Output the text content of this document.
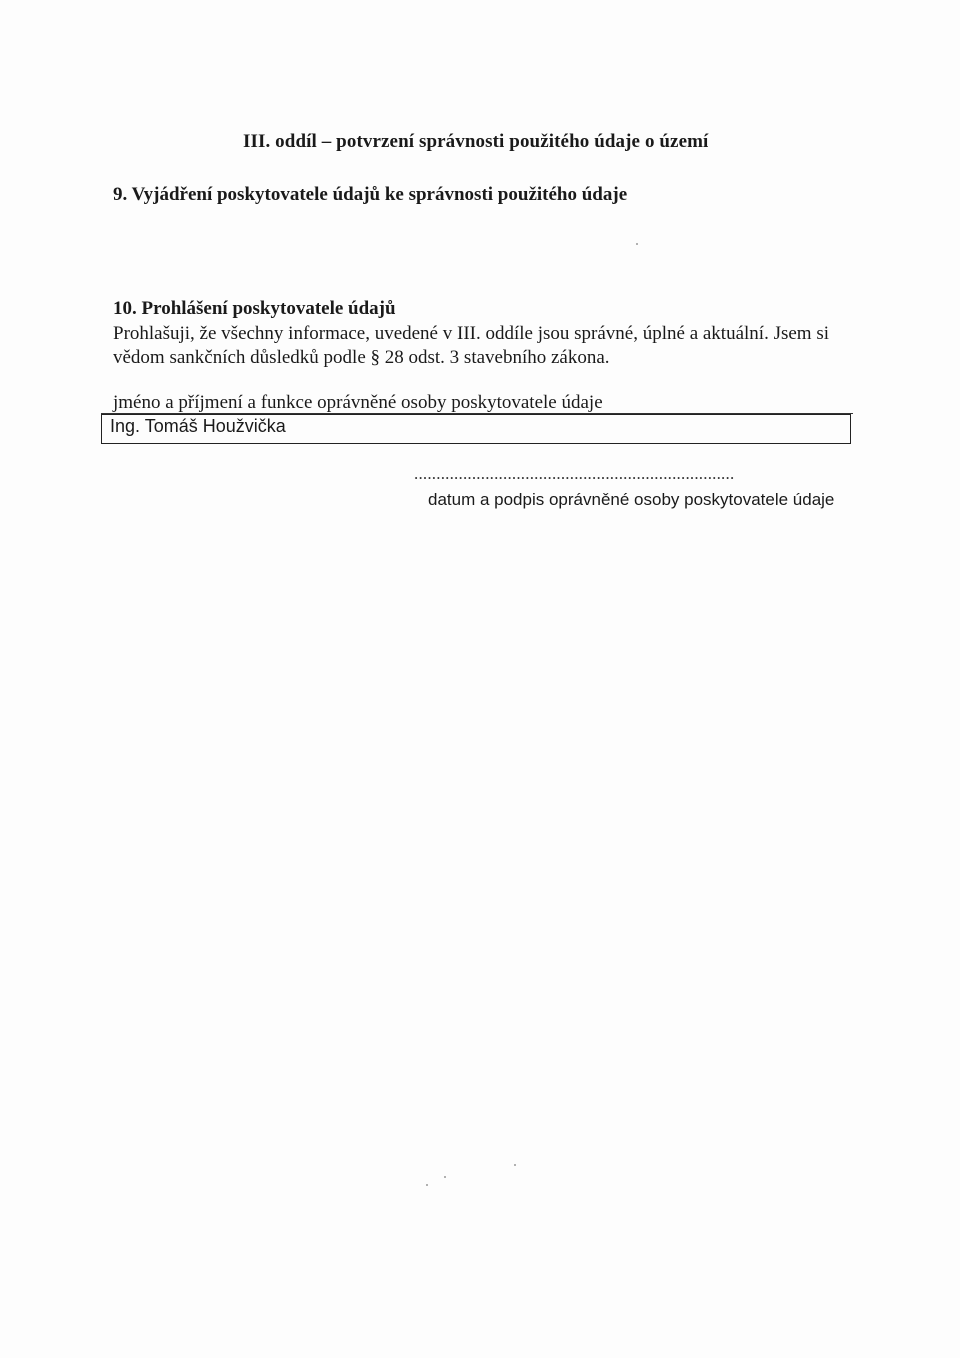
III. oddíl – potvrzení správnosti použitého údaje o území
9. Vyjádření poskytovatele údajů ke správnosti použitého údaje
10. Prohlášení poskytovatele údajů
Prohlašuji, že všechny informace, uvedené v III. oddíle jsou správné, úplné a aktuální. Jsem si
vědom sankčních důsledků podle § 28 odst. 3 stavebního zákona.
jméno a příjmení a funkce oprávněné osoby poskytovatele údaje
Ing. Tomáš Houžvička
........................................................................
datum a podpis oprávněné osoby poskytovatele údaje
